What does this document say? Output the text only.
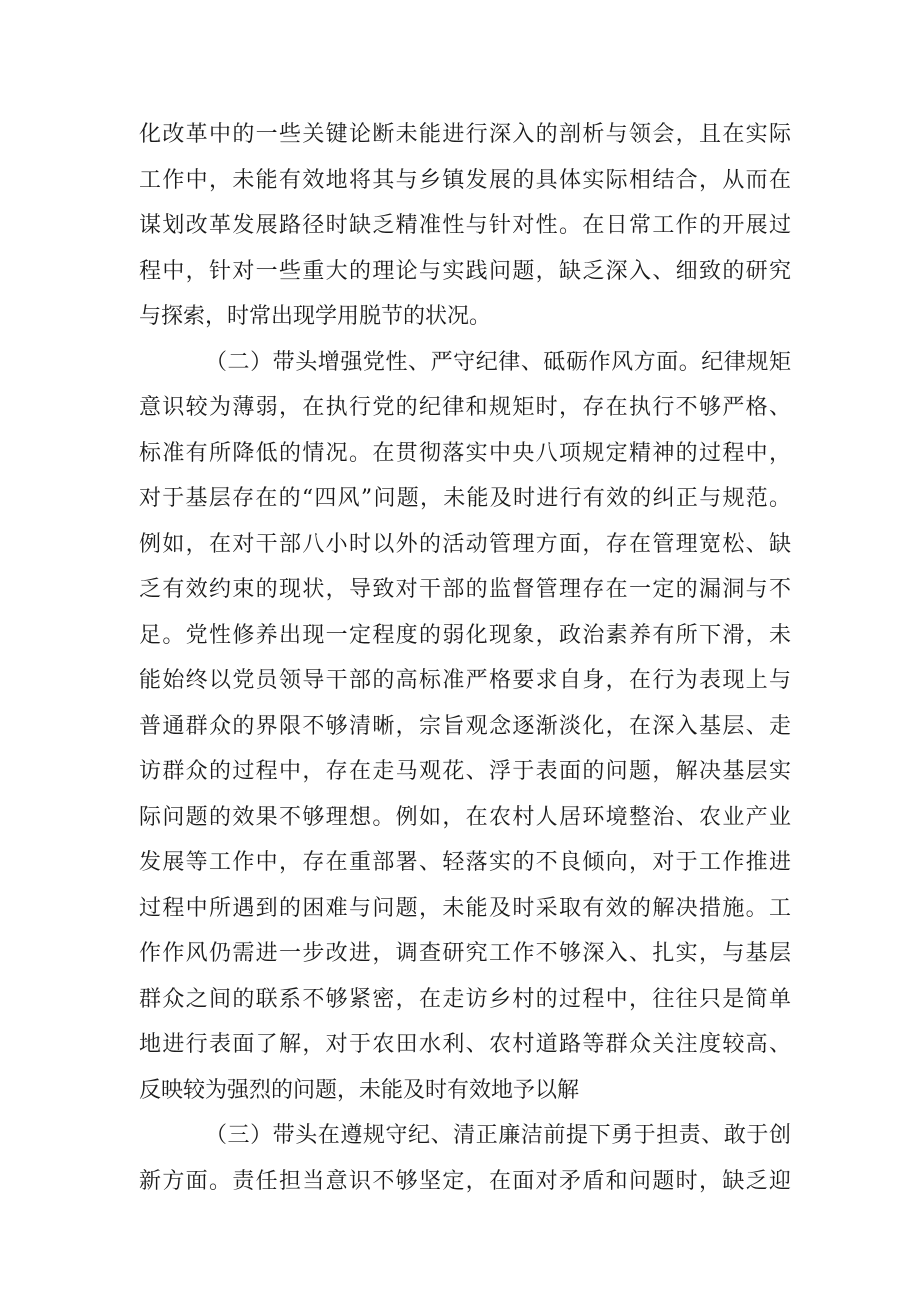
化改革中的一些关键论断未能进行深入的剖析与领会，且在实际
工作中，未能有效地将其与乡镇发展的具体实际相结合，从而在
谋划改革发展路径时缺乏精准性与针对性。在日常工作的开展过
程中，针对一些重大的理论与实践问题，缺乏深入、细致的研究
与探索，时常出现学用脱节的状况。
（二）带头增强党性、严守纪律、砥砺作风方面。纪律规矩
意识较为薄弱，在执行党的纪律和规矩时，存在执行不够严格、
标准有所降低的情况。在贯彻落实中央八项规定精神的过程中，
对于基层存在的“四风”问题，未能及时进行有效的纠正与规范。
例如，在对干部八小时以外的活动管理方面，存在管理宽松、缺
乏有效约束的现状，导致对干部的监督管理存在一定的漏洞与不
足。党性修养出现一定程度的弱化现象，政治素养有所下滑，未
能始终以党员领导干部的高标准严格要求自身，在行为表现上与
普通群众的界限不够清晰，宗旨观念逐渐淡化，在深入基层、走
访群众的过程中，存在走马观花、浮于表面的问题，解决基层实
际问题的效果不够理想。例如，在农村人居环境整治、农业产业
发展等工作中，存在重部署、轻落实的不良倾向，对于工作推进
过程中所遇到的困难与问题，未能及时采取有效的解决措施。工
作作风仍需进一步改进，调查研究工作不够深入、扎实，与基层
群众之间的联系不够紧密，在走访乡村的过程中，往往只是简单
地进行表面了解，对于农田水利、农村道路等群众关注度较高、
反映较为强烈的问题，未能及时有效地予以解
（三）带头在遵规守纪、清正廉洁前提下勇于担责、敢于创
新方面。责任担当意识不够坚定，在面对矛盾和问题时，缺乏迎
